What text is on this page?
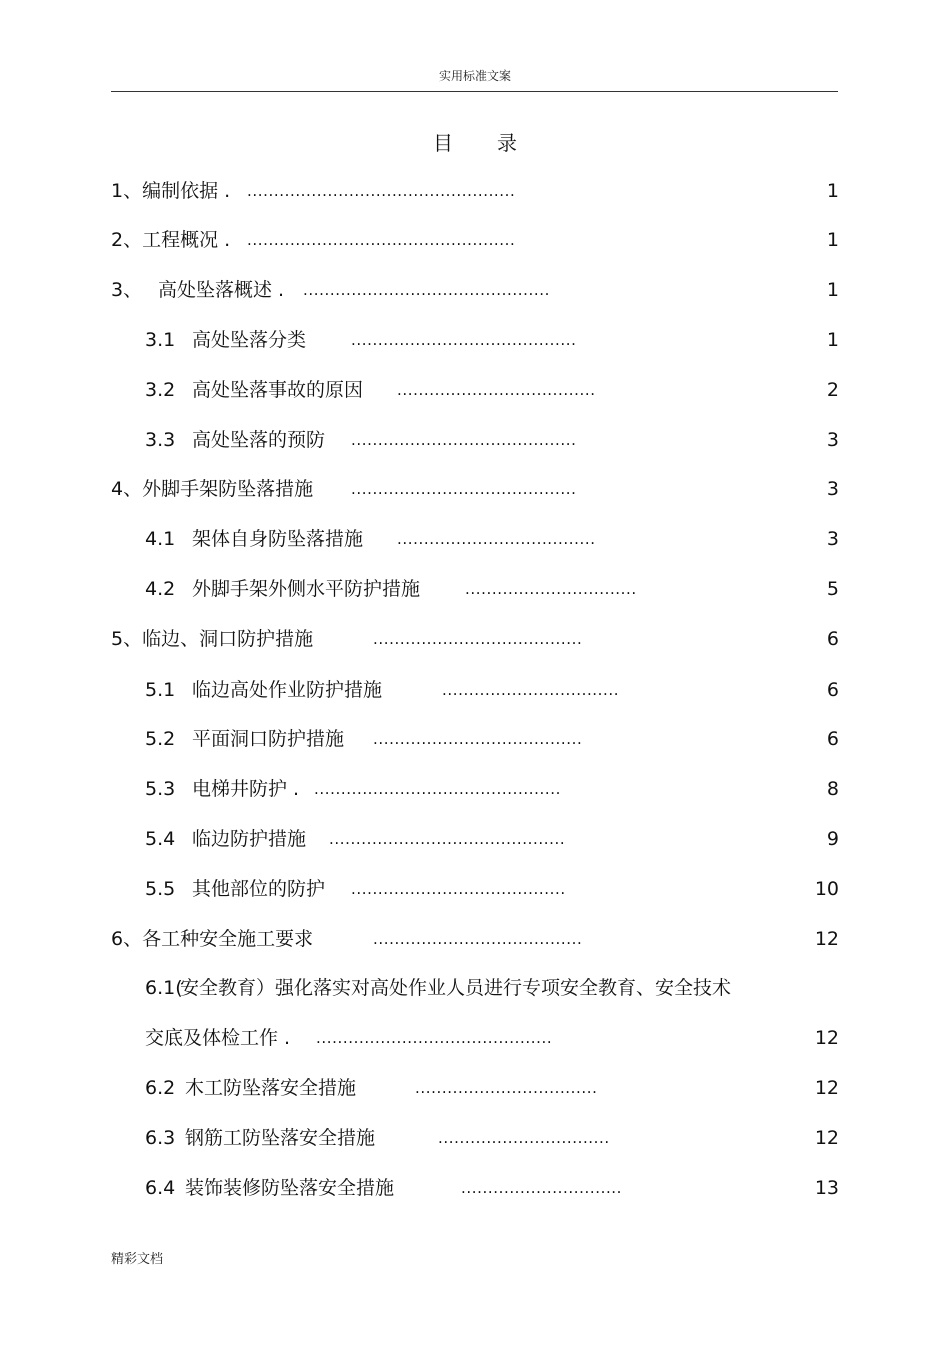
实用标准文案
目 录
1、编制依据 . ..................................................	1
2、工程概况 . ..................................................	1
3、 高处坠落概述 . ..............................................	1
3.1 高处坠落分类	..........................................	1
3.2 高处坠落事故的原因 .....................................	2
3.3 高处坠落的预防 ..........................................	3
4、外脚手架防坠落措施	..........................................	3
4.1 架体自身防坠落措施 .....................................	3
4.2 外脚手架外侧水平防护措施	................................	5
5、临边、洞口防护措施	.......................................	6
5.1 临边高处作业防护措施	.................................	6
5.2 平面洞口防护措施 .......................................	6
5.3 电梯井防护 . ..............................................	8
5.4 临边防护措施 ............................................	9
5.5 其他部位的防护 ........................................	10
6、各工种安全施工要求	.......................................	12
6.1(安全教育）强化落实对高处作业人员进行专项安全教育、安全技术
交底及体检工作 . ............................................	12
6.2 木工防坠落安全措施	..................................	12
6.3 钢筋工防坠落安全措施	................................	12
6.4 装饰装修防坠落安全措施	..............................	13
精彩文档
